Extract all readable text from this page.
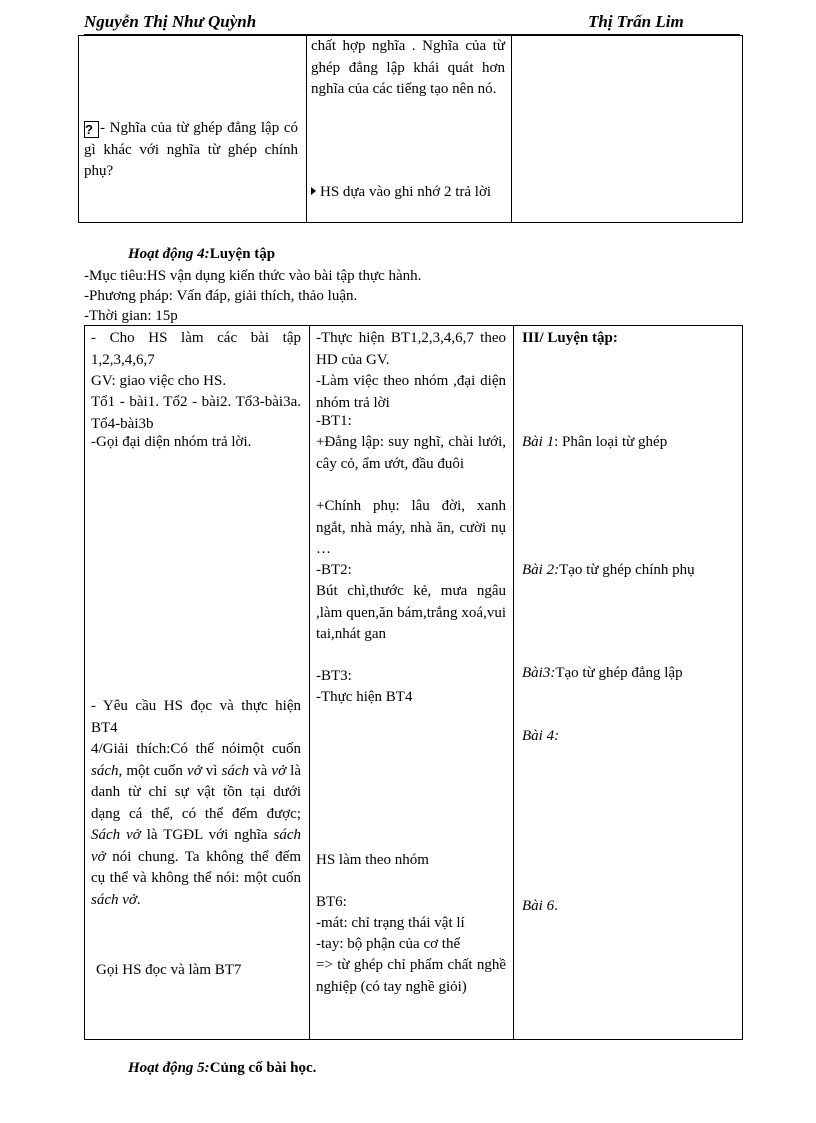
Nguyễn Thị Như Quỳnh	Thị Trấn Lim
? - Nghĩa của từ ghép đẳng lập có gì khác với nghĩa từ ghép chính phụ?

chất hợp nghĩa . Nghĩa của từ ghép đẳng lập khái quát hơn nghĩa của các tiếng tạo nên nó.
HS dựa vào ghi nhớ 2 trả lời

Hoạt động 4:Luyện tập
-Mục tiêu:HS vận dụng kiến thức vào bài tập thực hành.
-Phương pháp: Vấn đáp, giải thích, thảo luận.
-Thời gian: 15p
- Cho HS làm các bài tập 1,2,3,4,6,7
GV: giao việc cho HS.
Tổ1 - bài1. Tổ2 - bài2. Tổ3-bài3a. Tổ4-bài3b
-Gọi đại diện nhóm trả lời.
- Yêu cầu HS đọc và thực hiện BT4
4/Giải thích:Có thể nóimột cuốn sách, một cuốn vở vì sách và vở là danh từ chỉ sự vật tồn tại dưới dạng cá thể, có thể đếm được; Sách vở là TGĐL với nghĩa sách vở nói chung. Ta không thể đếm cụ thể và không thể nói: một cuốn sách vở.
Gọi HS đọc và làm BT7

-Thực hiện BT1,2,3,4,6,7 theo HD của GV.
-Làm việc theo nhóm ,đại diện nhóm trả lời
-BT1:
+Đẳng lập: suy nghĩ, chài lưới, cây cỏ, ẩm ướt, đầu đuôi
+Chính phụ: lâu đời, xanh ngắt, nhà máy, nhà ăn, cười nụ …
-BT2:
Bút chì,thước kẻ, mưa ngâu ,làm quen,ăn bám,trắng xoá,vui tai,nhát gan
-BT3:
-Thực hiện BT4
HS làm theo nhóm
BT6:
-mát: chỉ trạng thái vật lí
-tay: bộ phận của cơ thể
=> từ ghép chỉ phẩm chất nghề nghiệp (có tay nghề giỏi)

III/ Luyện tập:
Bài 1: Phân loại từ ghép
Bài 2:Tạo từ ghép chính phụ
Bài3:Tạo từ ghép đẳng lập
Bài 4:
Bài 6.
Hoạt động 5:Củng cố bài học.
